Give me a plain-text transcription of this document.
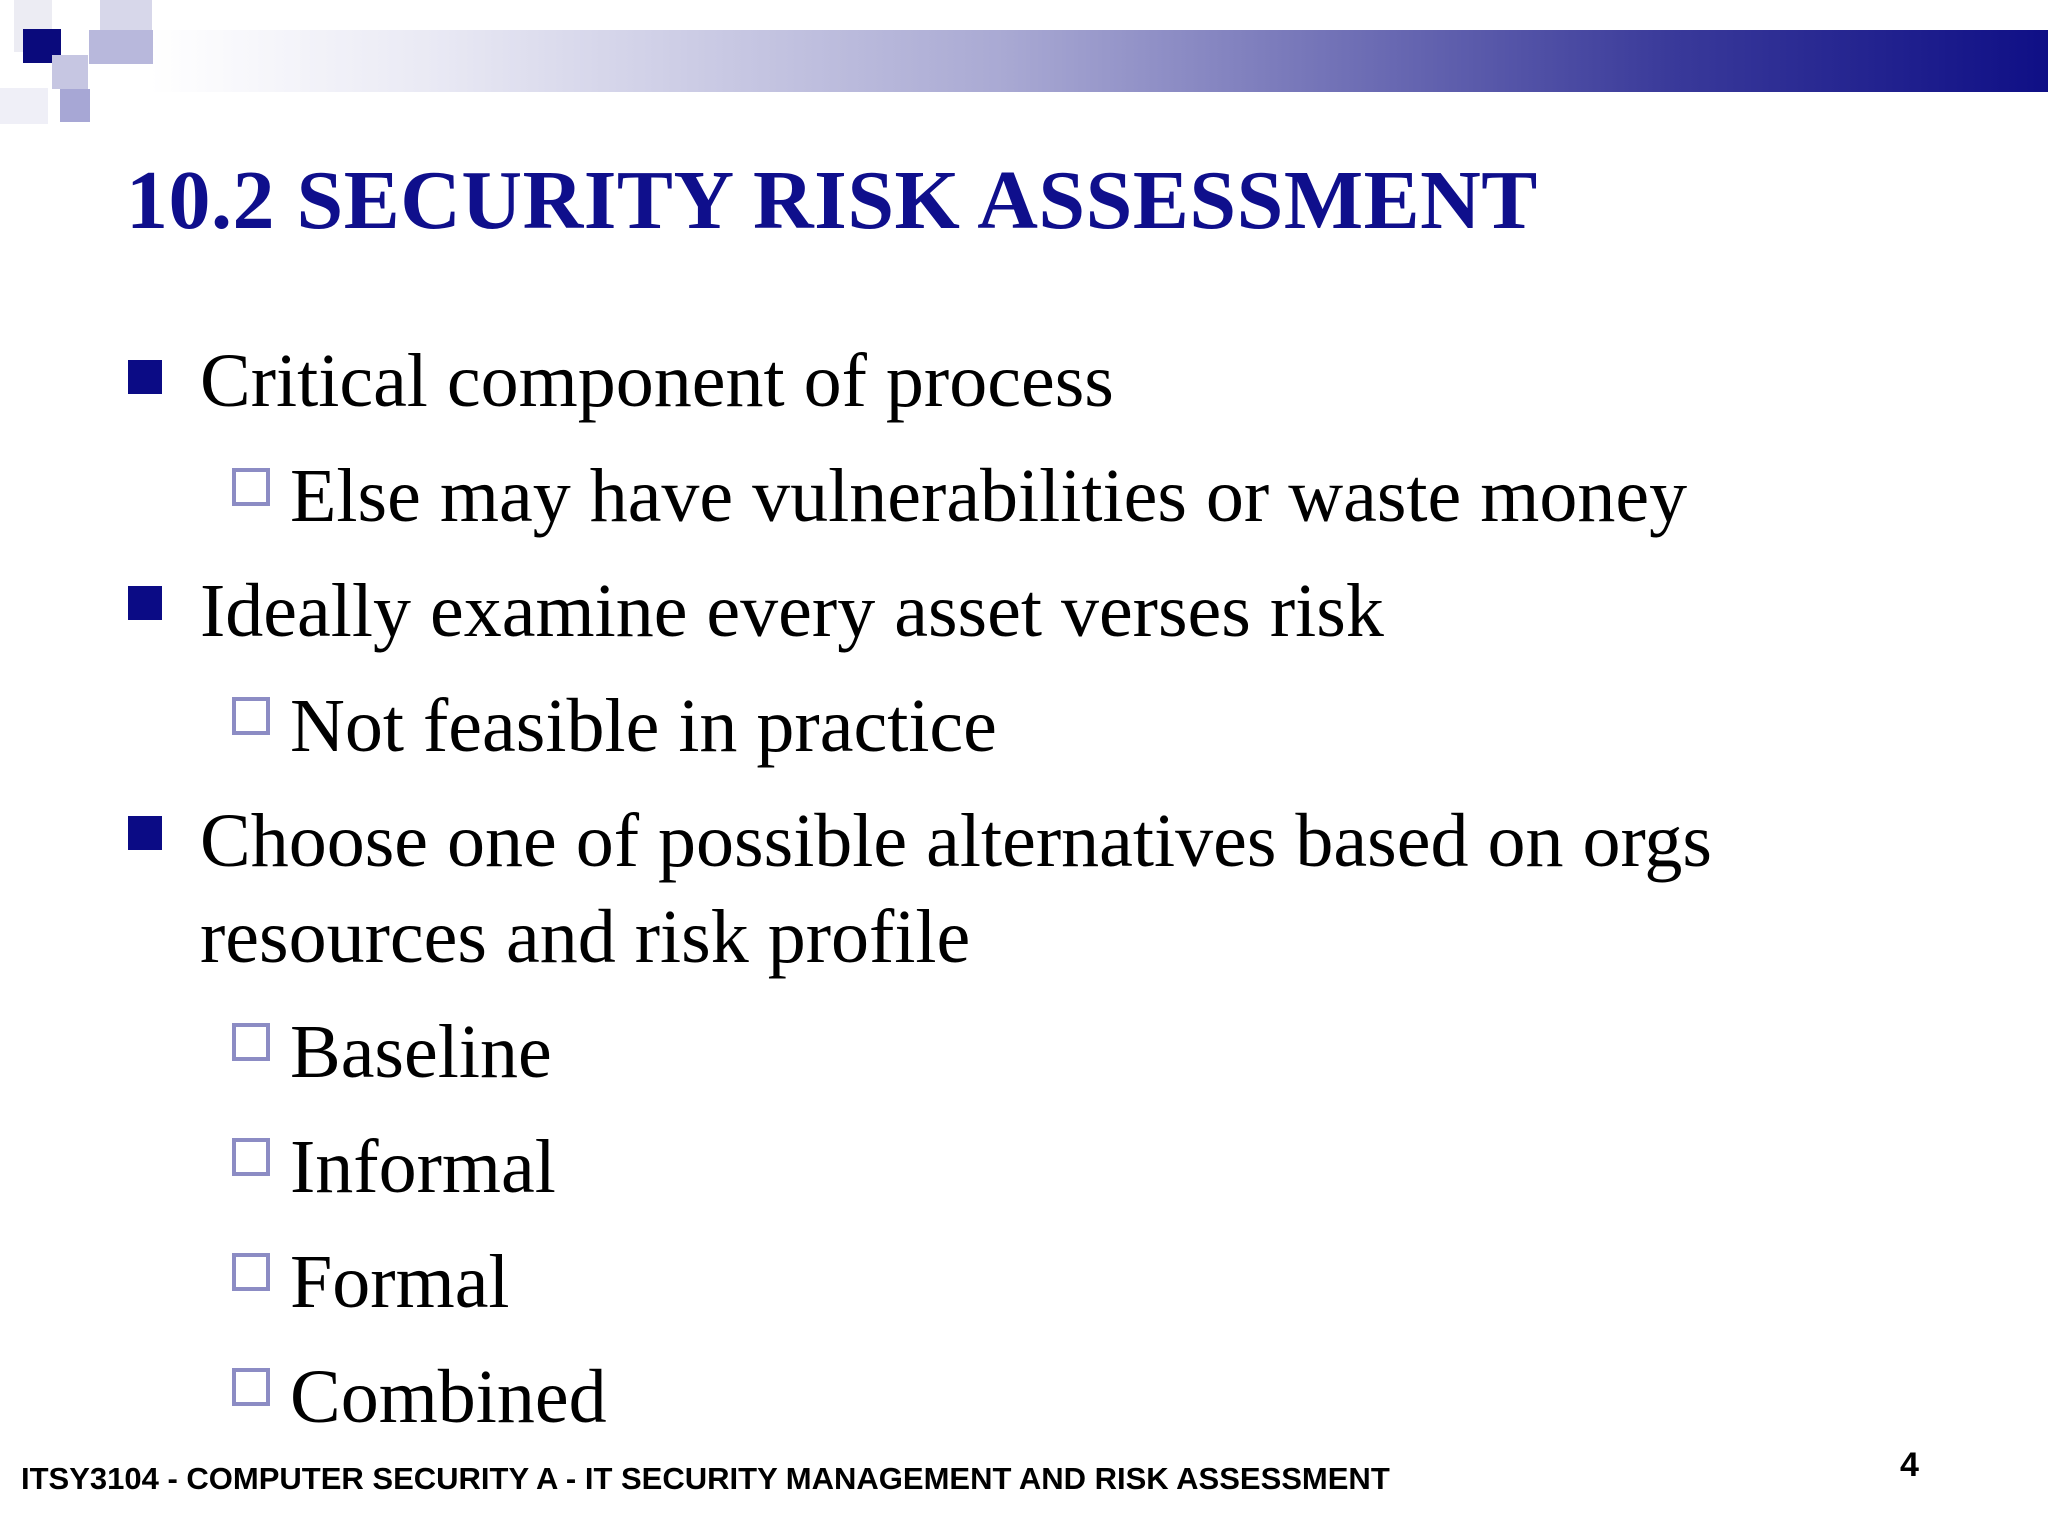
10.2 SECURITY RISK ASSESSMENT
Critical component of process
Else may have vulnerabilities or waste money
Ideally examine every asset verses risk
Not feasible in practice
Choose one of possible alternatives based on orgs
resources and risk profile
Baseline
Informal
Formal
Combined
ITSY3104 - COMPUTER SECURITY A - IT SECURITY MANAGEMENT AND RISK ASSESSMENT	4
